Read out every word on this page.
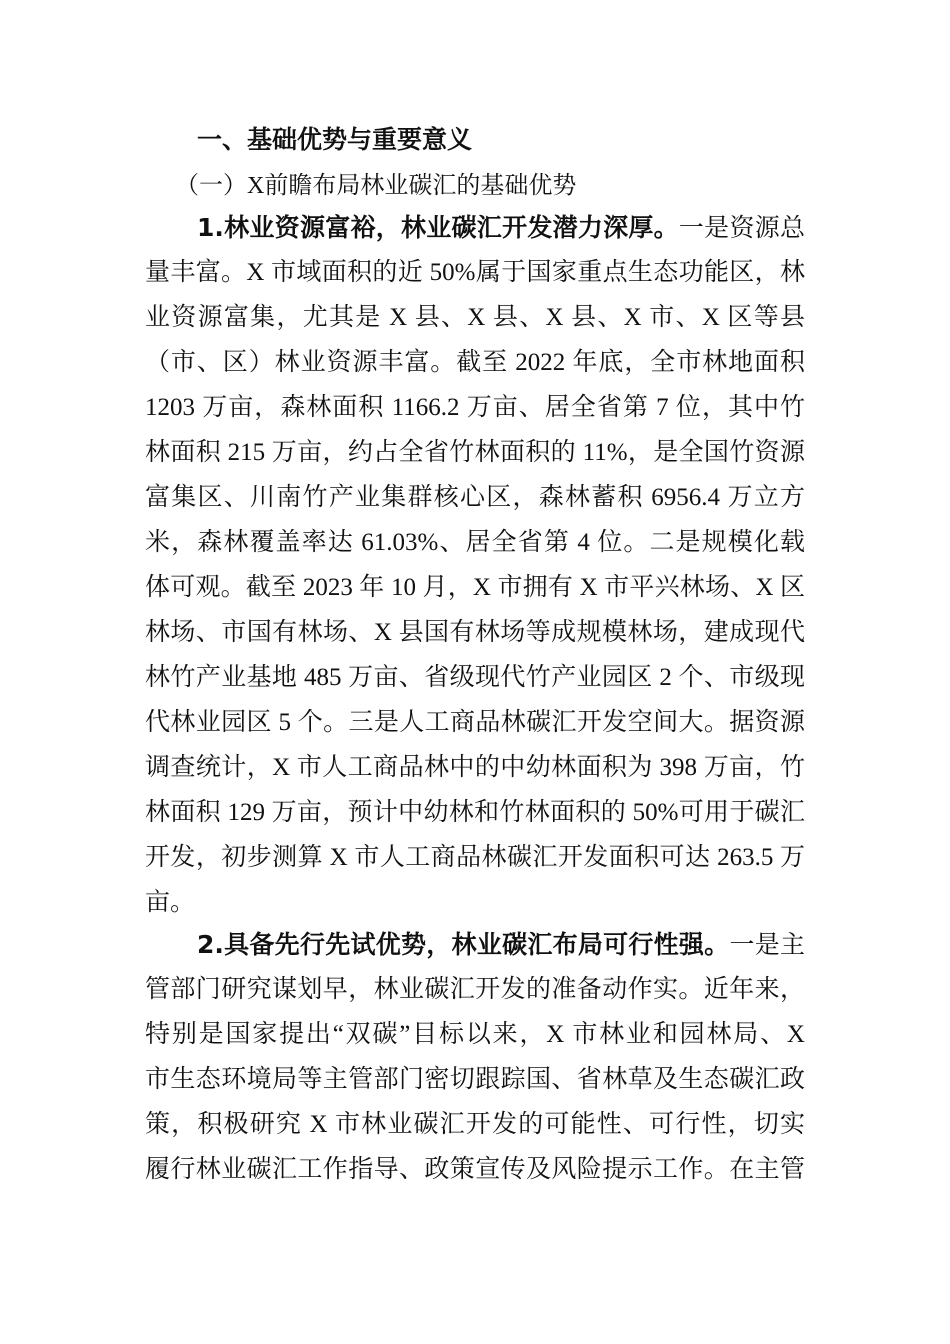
一、基础优势与重要意义
（一）X前瞻布局林业碳汇的基础优势
1.林业资源富裕，林业碳汇开发潜力深厚。一是资源总
量丰富。X 市域面积的近 50%属于国家重点生态功能区，林
业资源富集，尤其是 X 县、X 县、X 县、X 市、X 区等县
（市、区）林业资源丰富。截至 2022 年底，全市林地面积
1203 万亩，森林面积 1166.2 万亩、居全省第 7 位，其中竹
林面积 215 万亩，约占全省竹林面积的 11%，是全国竹资源
富集区、川南竹产业集群核心区，森林蓄积 6956.4 万立方
米，森林覆盖率达 61.03%、居全省第 4 位。二是规模化载
体可观。截至 2023 年 10 月，X 市拥有 X 市平兴林场、X 区
林场、市国有林场、X 县国有林场等成规模林场，建成现代
林竹产业基地 485 万亩、省级现代竹产业园区 2 个、市级现
代林业园区 5 个。三是人工商品林碳汇开发空间大。据资源
调查统计，X 市人工商品林中的中幼林面积为 398 万亩，竹
林面积 129 万亩，预计中幼林和竹林面积的 50%可用于碳汇
开发，初步测算 X 市人工商品林碳汇开发面积可达 263.5 万
亩。
2.具备先行先试优势，林业碳汇布局可行性强。一是主
管部门研究谋划早，林业碳汇开发的准备动作实。近年来，
特别是国家提出“双碳”目标以来，X 市林业和园林局、X
市生态环境局等主管部门密切跟踪国、省林草及生态碳汇政
策，积极研究 X 市林业碳汇开发的可能性、可行性，切实
履行林业碳汇工作指导、政策宣传及风险提示工作。在主管
